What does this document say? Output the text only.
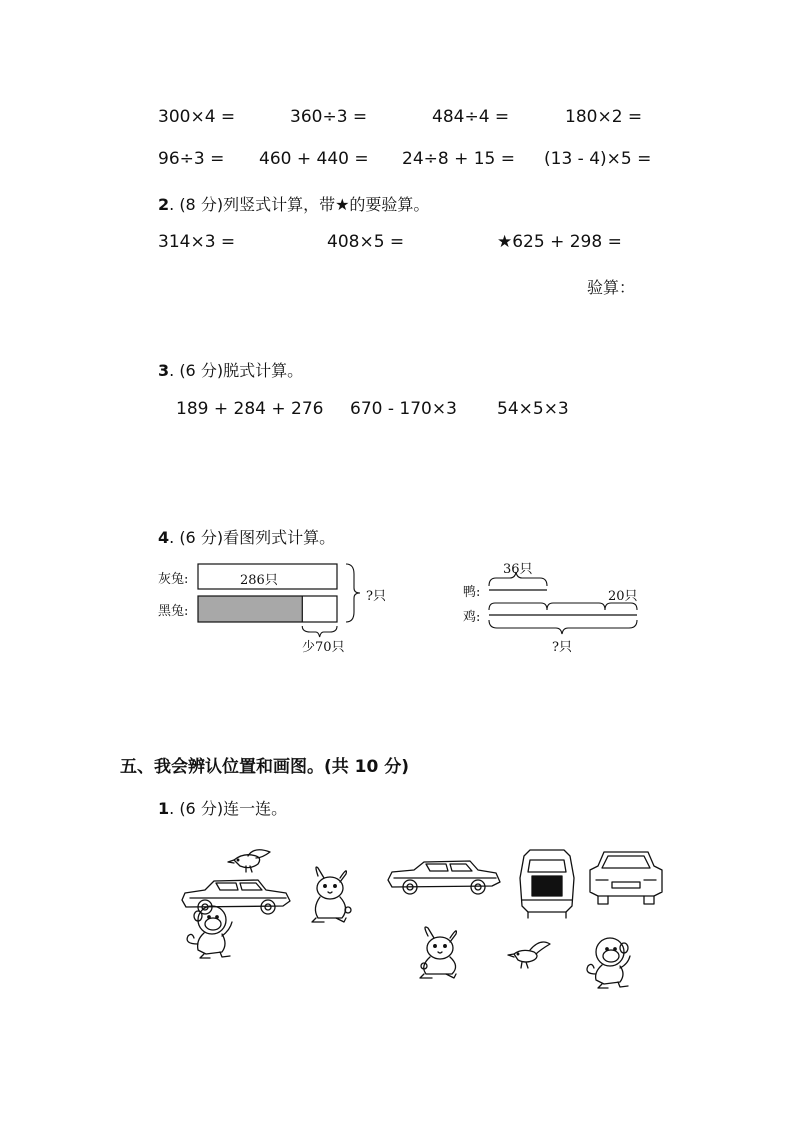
300×4 =	360÷3 =	484÷4 =	180×2 =
96÷3 = 460 + 440 = 24÷8 + 15 = (13 - 4)×5 =
2. (8 分)列竖式计算，带★的要验算。
314×3 =	408×5 =	★625 + 298 =
验算：
3. (6 分)脱式计算。
189 + 284 + 276 670 - 170×3 54×5×3
4. (6 分)看图列式计算。
灰兔:
黑兔:
286只
?只
少70只
鸭:
鸡:
36只
20只
?只
五、我会辨认位置和画图。(共 10 分)
1. (6 分)连一连。
